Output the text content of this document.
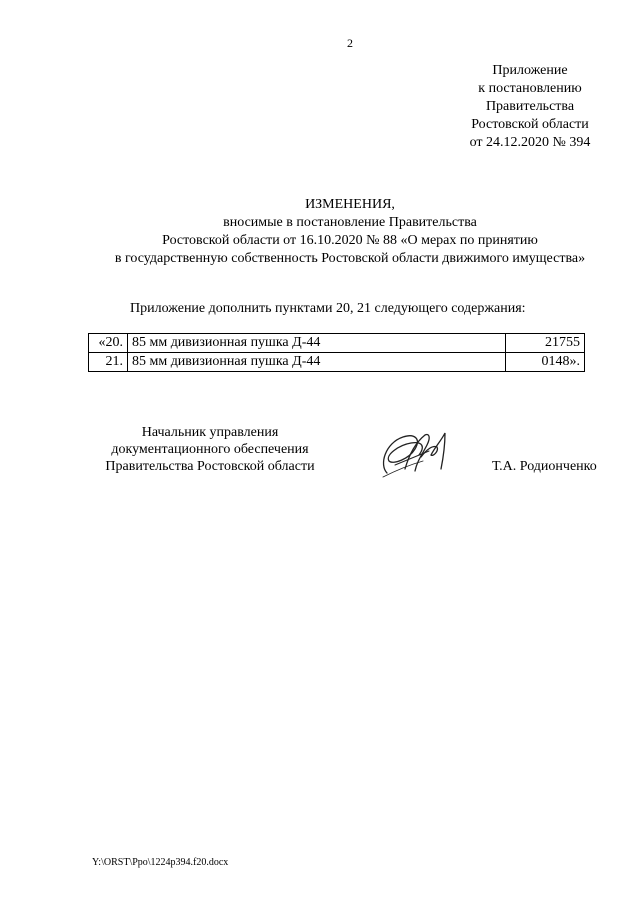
2
Приложение
к постановлению
Правительства
Ростовской области
от 24.12.2020 № 394
ИЗМЕНЕНИЯ,
вносимые в постановление Правительства
Ростовской области от 16.10.2020 № 88 «О мерах по принятию
в государственную собственность Ростовской области движимого имущества»
Приложение дополнить пунктами 20, 21 следующего содержания:
«20.	85 мм дивизионная пушка Д-44	21755
21.	85 мм дивизионная пушка Д-44	0148».
Начальник управления
документационного обеспечения
Правительства Ростовской области	Т.А. Родионченко
Y:\ORST\Ppo\1224p394.f20.docx
